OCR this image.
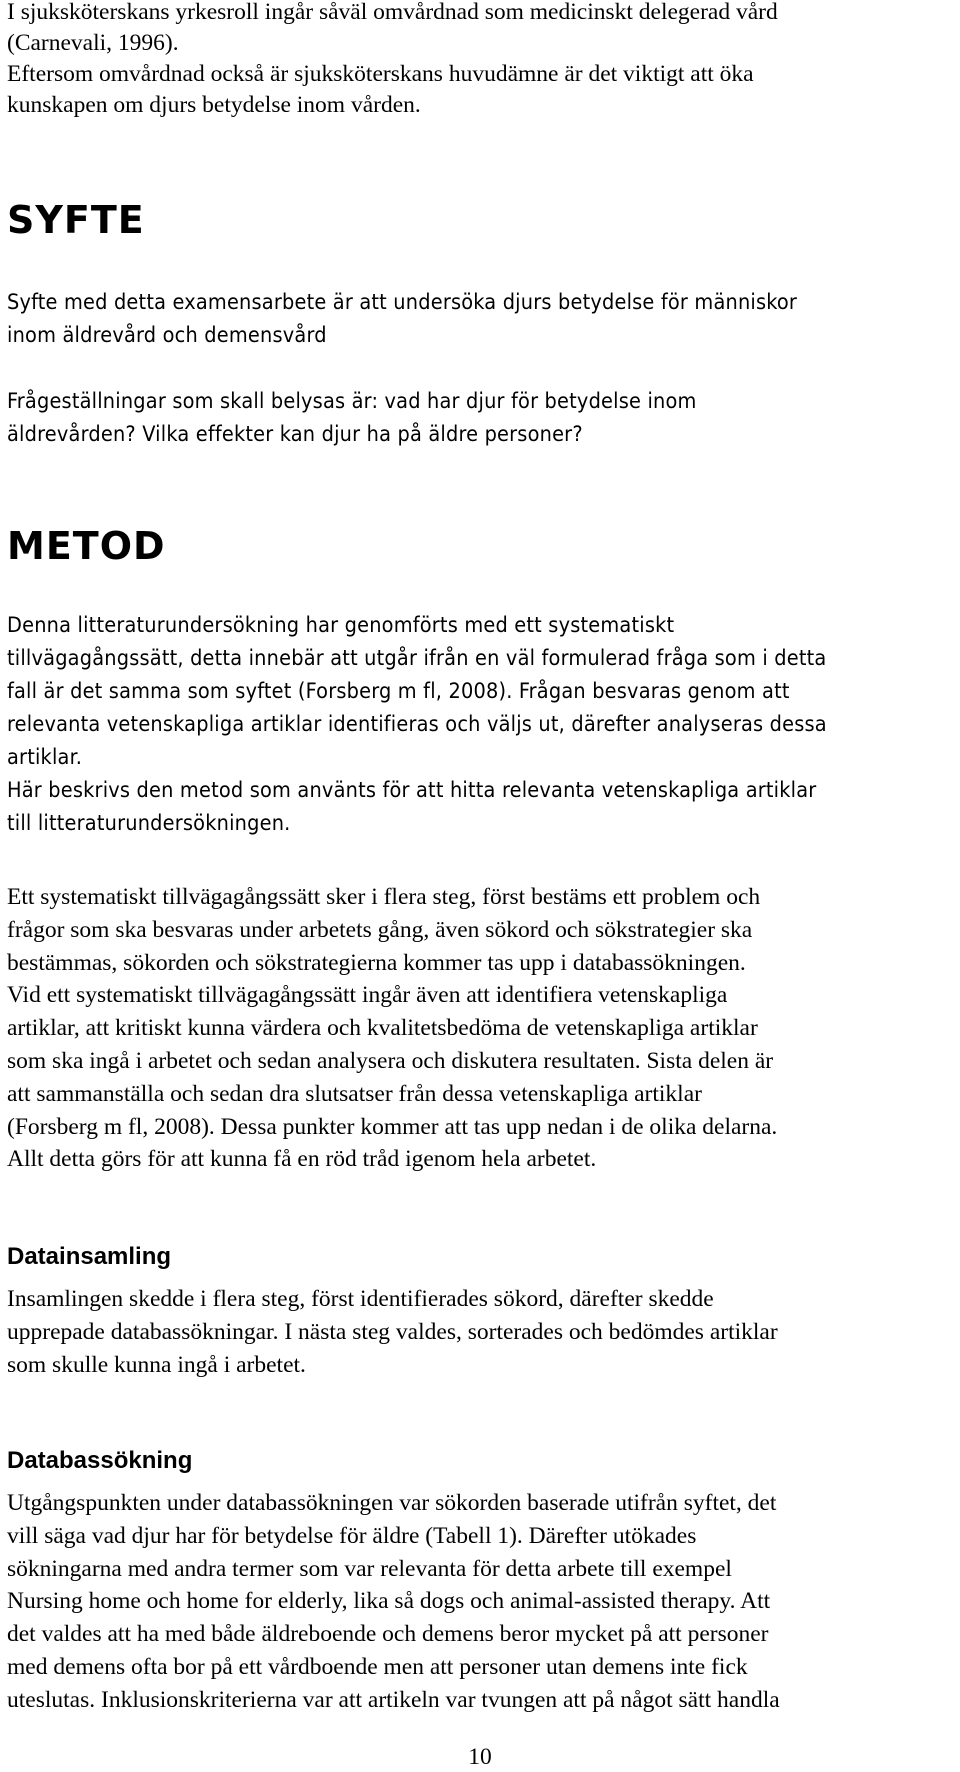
I sjuksköterskans yrkesroll ingår såväl omvårdnad som medicinskt delegerad vård
(Carnevali, 1996).
Eftersom omvårdnad också är sjuksköterskans huvudämne är det viktigt att öka
kunskapen om djurs betydelse inom vården.
SYFTE
Syfte med detta examensarbete är att undersöka djurs betydelse för människor
inom äldrevård och demensvård
Frågeställningar som skall belysas är: vad har djur för betydelse inom
äldrevården? Vilka effekter kan djur ha på äldre personer?
METOD
Denna litteraturundersökning har genomförts med ett systematiskt
tillvägagångssätt, detta innebär att utgår ifrån en väl formulerad fråga som i detta
fall är det samma som syftet (Forsberg m fl, 2008). Frågan besvaras genom att
relevanta vetenskapliga artiklar identifieras och väljs ut, därefter analyseras dessa
artiklar.
Här beskrivs den metod som använts för att hitta relevanta vetenskapliga artiklar
till litteraturundersökningen.
Ett systematiskt tillvägagångssätt sker i flera steg, först bestäms ett problem och
frågor som ska besvaras under arbetets gång, även sökord och sökstrategier ska
bestämmas, sökorden och sökstrategierna kommer tas upp i databassökningen.
Vid ett systematiskt tillvägagångssätt ingår även att identifiera vetenskapliga
artiklar, att kritiskt kunna värdera och kvalitetsbedöma de vetenskapliga artiklar
som ska ingå i arbetet och sedan analysera och diskutera resultaten. Sista delen är
att sammanställa och sedan dra slutsatser från dessa vetenskapliga artiklar
(Forsberg m fl, 2008). Dessa punkter kommer att tas upp nedan i de olika delarna.
Allt detta görs för att kunna få en röd tråd igenom hela arbetet.
Datainsamling
Insamlingen skedde i flera steg, först identifierades sökord, därefter skedde
upprepade databassökningar. I nästa steg valdes, sorterades och bedömdes artiklar
som skulle kunna ingå i arbetet.
Databassökning
Utgångspunkten under databassökningen var sökorden baserade utifrån syftet, det
vill säga vad djur har för betydelse för äldre (Tabell 1). Därefter utökades
sökningarna med andra termer som var relevanta för detta arbete till exempel
Nursing home och home for elderly, lika så dogs och animal-assisted therapy. Att
det valdes att ha med både äldreboende och demens beror mycket på att personer
med demens ofta bor på ett vårdboende men att personer utan demens inte fick
uteslutas. Inklusionskriterierna var att artikeln var tvungen att på något sätt handla
10
